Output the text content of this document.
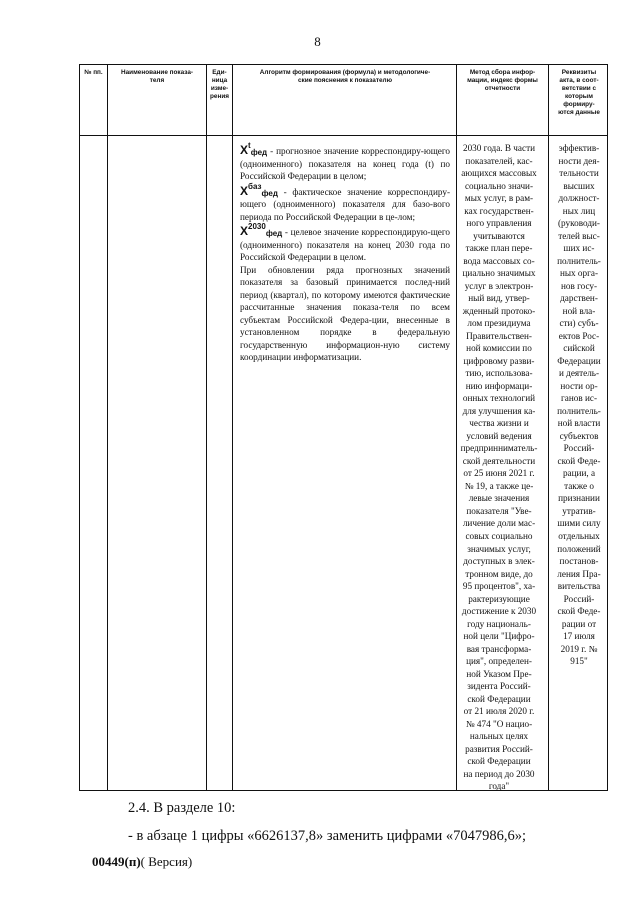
8
№ пп.	Наименование показа-
теля
Еди-
ница
изме-
рения
Алгоритм формирования (формула) и методологиче-
ские пояснения к показателю
Метод сбора инфор-
мации, индекс формы
отчетности
Реквизиты
акта, в соот-
ветствии с
которым
формиру-
ются данные

$X^t_{фед}$ - прогнозное значение корреспондиру-ющего (одноименного) показателя на конец года (t) по Российской Федерации в целом;

$X^{баз}_{фед}$ - фактическое значение корреспондиру-ющего (одноименного) показателя для базо-вого периода по Российской Федерации в це-лом;

$X^{2030}_{фед}$ - целевое значение корреспондирую-щего (одноименного) показателя на конец 2030 года по Российской Федерации в целом.

При обновлении ряда прогнозных значений показателя за базовый принимается послед-ний период (квартал), по которому имеются фактические рассчитанные значения показа-теля по всем субъектам Российской Федера-ции, внесенные в установленном порядке в федеральную государственную информацион-ную систему координации информатизации.

2030 года. В части
показателей, кас-
ающихся массовых
социально значи-
мых услуг, в рам-
ках государствен-
ного управления
учитываются
также план пере-
вода массовых со-
циально значимых
услуг в электрон-
ный вид, утвер-
жденный протоко-
лом президиума
Правительствен-
ной комиссии по
цифровому разви-
тию, использова-
нию информаци-
онных технологий
для улучшения ка-
чества жизни и
условий ведения
предпринниматель-
ской деятельности
от 25 июня 2021 г.
№ 19, а также це-
левые значения
показателя "Уве-
личение доли мас-
совых социально
значимых услуг,
доступных в элек-
тронном виде, до
95 процентов", ха-
рактеризующие
достижение к 2030
году националь-
ной цели "Цифро-
вая трансформа-
ция", определен-
ной Указом Пре-
зидента Россий-
ской Федерации
от 21 июля 2020 г.
№ 474 "О нацио-
нальных целях
развития Россий-
ской Федерации
на период до 2030
года"
эффектив-
ности дея-
тельности
высших
должност-
ных лиц
(руководи-
телей выс-
ших ис-
полнитель-
ных орга-
нов госу-
дарствен-
ной вла-
сти) субъ-
ектов Рос-
сийской
Федерации
и деятель-
ности ор-
ганов ис-
полнитель-
ной власти
субъектов
Россий-
ской Феде-
рации, а
также о
признании
утратив-
шими силу
отдельных
положений
постанов-
ления Пра-
вительства
Россий-
ской Феде-
рации от
17 июля
2019 г. №
915"
2.4. В разделе 10:
- в абзаце 1 цифры «6626137,8» заменить цифрами «7047986,6»;
00449(п)( Версия)
